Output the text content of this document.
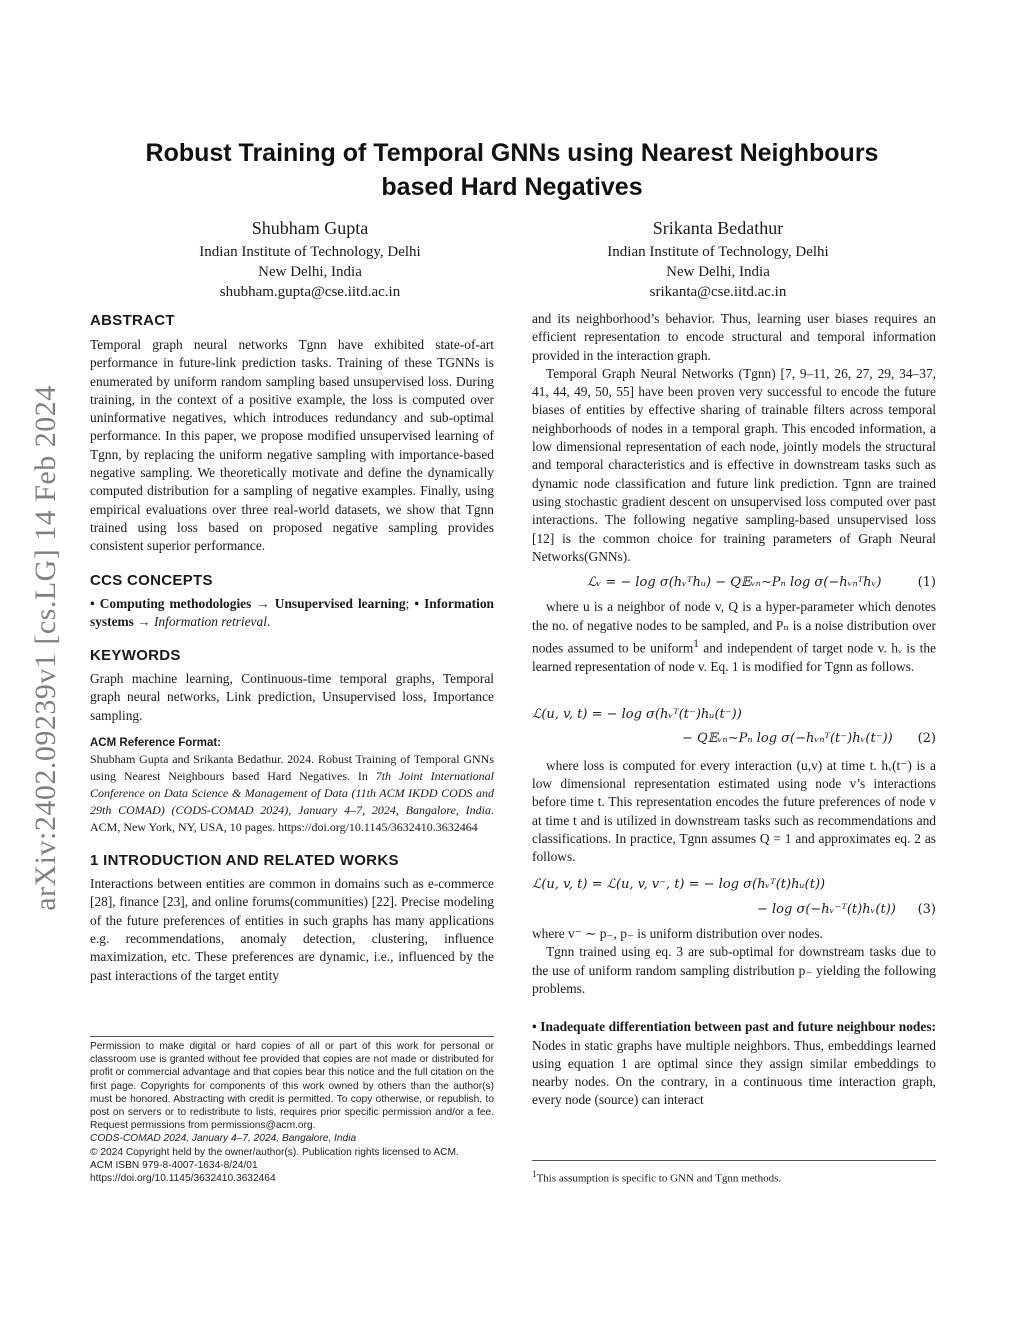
arXiv:2402.09239v1 [cs.LG] 14 Feb 2024
Robust Training of Temporal GNNs using Nearest Neighbours
based Hard Negatives
Shubham Gupta
Indian Institute of Technology, Delhi
New Delhi, India
shubham.gupta@cse.iitd.ac.in
Srikanta Bedathur
Indian Institute of Technology, Delhi
New Delhi, India
srikanta@cse.iitd.ac.in
ABSTRACT

Temporal graph neural networks Tgnn have exhibited state-of-art performance in future-link prediction tasks. Training of these TGNNs is enumerated by uniform random sampling based unsupervised loss. During training, in the context of a positive example, the loss is computed over uninformative negatives, which introduces redundancy and sub-optimal performance. In this paper, we propose modified unsupervised learning of Tgnn, by replacing the uniform negative sampling with importance-based negative sampling. We theoretically motivate and define the dynamically computed distribution for a sampling of negative examples. Finally, using empirical evaluations over three real-world datasets, we show that Tgnn trained using loss based on proposed negative sampling provides consistent superior performance.

CCS CONCEPTS

• Computing methodologies → Unsupervised learning; • Information systems → Information retrieval.

KEYWORDS

Graph machine learning, Continuous-time temporal graphs, Temporal graph neural networks, Link prediction, Unsupervised loss, Importance sampling.

ACM Reference Format:

Shubham Gupta and Srikanta Bedathur. 2024. Robust Training of Temporal GNNs using Nearest Neighbours based Hard Negatives. In 7th Joint International Conference on Data Science & Management of Data (11th ACM IKDD CODS and 29th COMAD) (CODS-COMAD 2024), January 4–7, 2024, Bangalore, India. ACM, New York, NY, USA, 10 pages. https://doi.org/10.1145/3632410.3632464

1 INTRODUCTION AND RELATED WORKS

Interactions between entities are common in domains such as e-commerce [28], finance [23], and online forums(communities) [22]. Precise modeling of the future preferences of entities in such graphs has many applications e.g. recommendations, anomaly detection, clustering, influence maximization, etc. These preferences are dynamic, i.e., influenced by the past interactions of the target entity

Permission to make digital or hard copies of all or part of this work for personal or classroom use is granted without fee provided that copies are not made or distributed for profit or commercial advantage and that copies bear this notice and the full citation on the first page. Copyrights for components of this work owned by others than the author(s) must be honored. Abstracting with credit is permitted. To copy otherwise, or republish, to post on servers or to redistribute to lists, requires prior specific permission and/or a fee. Request permissions from permissions@acm.org.

CODS-COMAD 2024, January 4–7, 2024, Bangalore, India
© 2024 Copyright held by the owner/author(s). Publication rights licensed to ACM.
ACM ISBN 979-8-4007-1634-8/24/01
https://doi.org/10.1145/3632410.3632464

and its neighborhood’s behavior. Thus, learning user biases requires an efficient representation to encode structural and temporal information provided in the interaction graph.

Temporal Graph Neural Networks (Tgnn) [7, 9–11, 26, 27, 29, 34–37, 41, 44, 49, 50, 55] have been proven very successful to encode the future biases of entities by effective sharing of trainable filters across temporal neighborhoods of nodes in a temporal graph. This encoded information, a low dimensional representation of each node, jointly models the structural and temporal characteristics and is effective in downstream tasks such as dynamic node classification and future link prediction. Tgnn are trained using stochastic gradient descent on unsupervised loss computed over past interactions. The following negative sampling-based unsupervised loss [12] is the common choice for training parameters of Graph Neural Networks(GNNs).

ℒᵥ = − log σ(hᵥᵀhᵤ) − 𝑄𝔼ᵥₙ∼Pₙ log σ(−hᵥₙᵀhᵥ)	(1)

where u is a neighbor of node v, Q is a hyper-parameter which denotes the no. of negative nodes to be sampled, and Pₙ is a noise distribution over nodes assumed to be uniform$^1$ and independent of target node v. hᵥ is the learned representation of node v. Eq. 1 is modified for Tgnn as follows.

ℒ(u, v, t) = − log σ(hᵥᵀ(t⁻)hᵤ(t⁻))
− 𝑄𝔼ᵥₙ∼Pₙ log σ(−hᵥₙᵀ(t⁻)hᵥ(t⁻)) (2)

where loss is computed for every interaction (u,v) at time t. hᵥ(t⁻) is a low dimensional representation estimated using node v’s interactions before time t. This representation encodes the future preferences of node v at time t and is utilized in downstream tasks such as recommendations and classifications. In practice, Tgnn assumes Q = 1 and approximates eq. 2 as follows.

ℒ(u, v, t) = ℒ(u, v, v⁻, t) = − log σ(hᵥᵀ(t)hᵤ(t))
− log σ(−hᵥ⁻ᵀ(t)hᵥ(t)) (3)

where v⁻ ∼ p₋, p₋ is uniform distribution over nodes.

Tgnn trained using eq. 3 are sub-optimal for downstream tasks due to the use of uniform random sampling distribution p₋ yielding the following problems.

• Inadequate differentiation between past and future neighbour nodes: Nodes in static graphs have multiple neighbors. Thus, embeddings learned using equation 1 are optimal since they assign similar embeddings to nearby nodes. On the contrary, in a continuous time interaction graph, every node (source) can interact

$^1$This assumption is specific to GNN and Tgnn methods.
